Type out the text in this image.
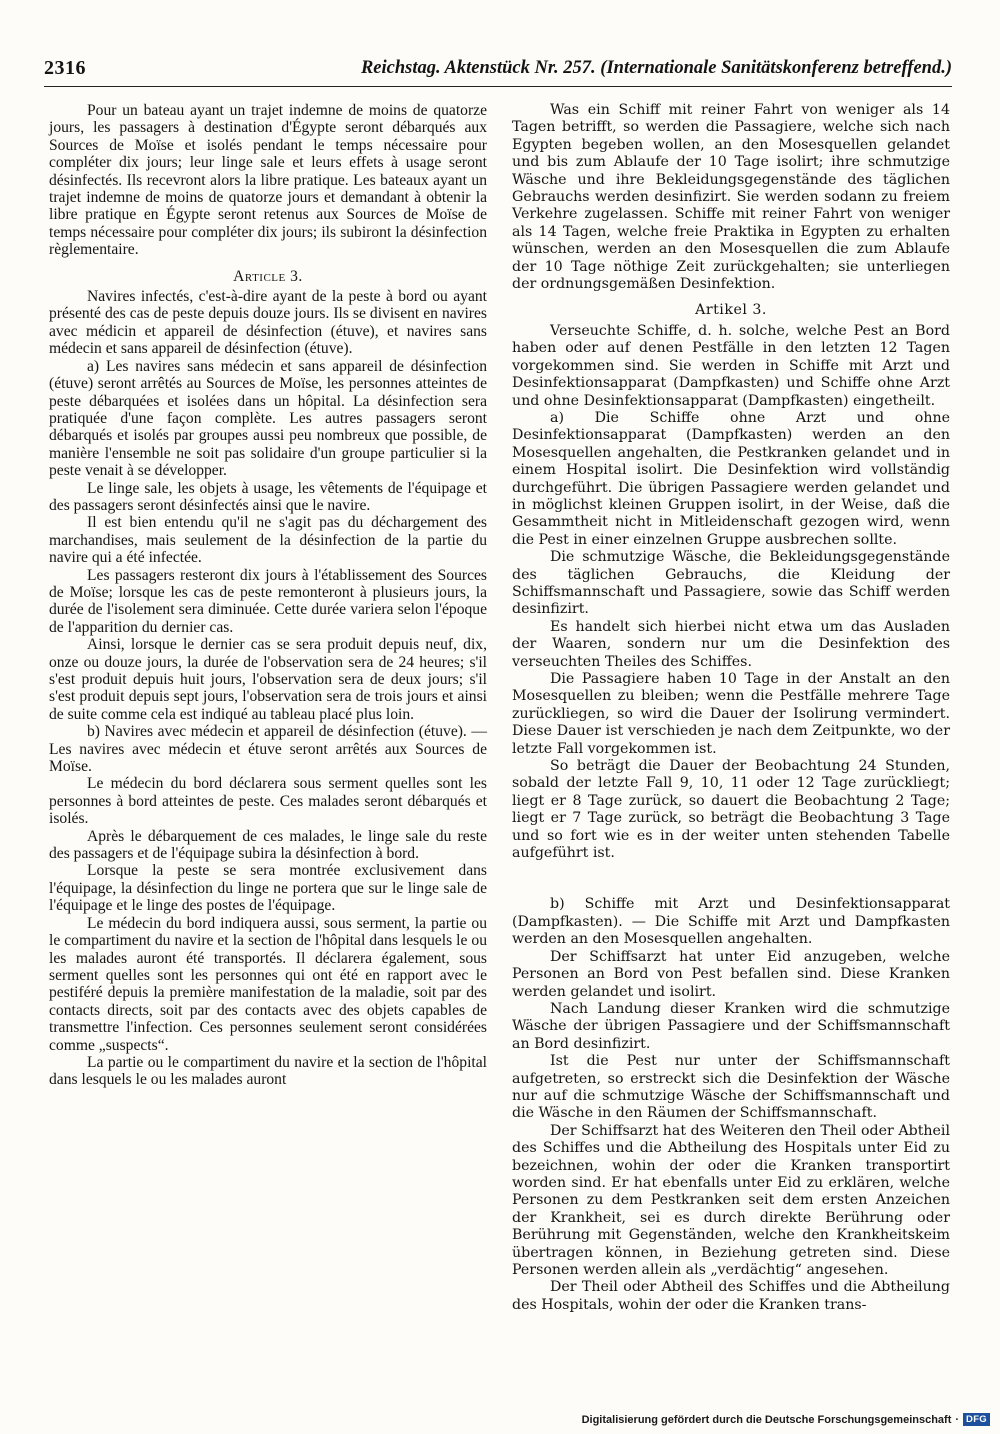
2316	Reichstag. Aktenstück Nr. 257. (Internationale Sanitätskonferenz betreffend.)

Pour un bateau ayant un trajet indemne de moins de quatorze jours, les passagers à destination d'Égypte seront débarqués aux Sources de Moïse et isolés pendant le temps nécessaire pour compléter dix jours; leur linge sale et leurs effets à usage seront désinfectés. Ils recevront alors la libre pratique. Les bateaux ayant un trajet indemne de moins de quatorze jours et demandant à obtenir la libre pratique en Égypte seront retenus aux Sources de Moïse de temps nécessaire pour compléter dix jours; ils subiront la désinfection règlementaire.

Article 3.

Navires infectés, c'est-à-dire ayant de la peste à bord ou ayant présenté des cas de peste depuis douze jours. Ils se divisent en navires avec médicin et appareil de désinfection (étuve), et navires sans médecin et sans appareil de désinfection (étuve).

a) Les navires sans médecin et sans appareil de désinfection (étuve) seront arrêtés au Sources de Moïse, les personnes atteintes de peste débarquées et isolées dans un hôpital. La désinfection sera pratiquée d'une façon complète. Les autres passagers seront débarqués et isolés par groupes aussi peu nombreux que possible, de manière l'ensemble ne soit pas solidaire d'un groupe particulier si la peste venait à se développer.

Le linge sale, les objets à usage, les vêtements de l'équipage et des passagers seront désinfectés ainsi que le navire.

Il est bien entendu qu'il ne s'agit pas du déchargement des marchandises, mais seulement de la désinfection de la partie du navire qui a été infectée.

Les passagers resteront dix jours à l'établissement des Sources de Moïse; lorsque les cas de peste remonteront à plusieurs jours, la durée de l'isolement sera diminuée. Cette durée variera selon l'époque de l'apparition du dernier cas.

Ainsi, lorsque le dernier cas se sera produit depuis neuf, dix, onze ou douze jours, la durée de l'observation sera de 24 heures; s'il s'est produit depuis huit jours, l'observation sera de deux jours; s'il s'est produit depuis sept jours, l'observation sera de trois jours et ainsi de suite comme cela est indiqué au tableau placé plus loin.

b) Navires avec médecin et appareil de désinfection (étuve). — Les navires avec médecin et étuve seront arrêtés aux Sources de Moïse.

Le médecin du bord déclarera sous serment quelles sont les personnes à bord atteintes de peste. Ces malades seront débarqués et isolés.

Après le débarquement de ces malades, le linge sale du reste des passagers et de l'équipage subira la désinfection à bord.

Lorsque la peste se sera montrée exclusivement dans l'équipage, la désinfection du linge ne portera que sur le linge sale de l'équipage et le linge des postes de l'équipage.

Le médecin du bord indiquera aussi, sous serment, la partie ou le compartiment du navire et la section de l'hôpital dans lesquels le ou les malades auront été transportés. Il déclarera également, sous serment quelles sont les personnes qui ont été en rapport avec le pestiféré depuis la première manifestation de la maladie, soit par des contacts directs, soit par des contacts avec des objets capables de transmettre l'infection. Ces personnes seulement seront considérées comme „suspects“.

La partie ou le compartiment du navire et la section de l'hôpital dans lesquels le ou les malades auront

Was ein Schiff mit reiner Fahrt von weniger als 14 Tagen betrifft, so werden die Passagiere, welche sich nach Egypten begeben wollen, an den Mosesquellen gelandet und bis zum Ablaufe der 10 Tage isolirt; ihre schmutzige Wäsche und ihre Bekleidungsgegenstände des täglichen Gebrauchs werden desinfizirt. Sie werden sodann zu freiem Verkehre zugelassen. Schiffe mit reiner Fahrt von weniger als 14 Tagen, welche freie Praktika in Egypten zu erhalten wünschen, werden an den Mosesquellen die zum Ablaufe der 10 Tage nöthige Zeit zurückgehalten; sie unterliegen der ordnungsgemäßen Desinfektion.

Artikel 3.

Verseuchte Schiffe, d. h. solche, welche Pest an Bord haben oder auf denen Pestfälle in den letzten 12 Tagen vorgekommen sind. Sie werden in Schiffe mit Arzt und Desinfektionsapparat (Dampfkasten) und Schiffe ohne Arzt und ohne Desinfektionsapparat (Dampfkasten) eingetheilt.

a) Die Schiffe ohne Arzt und ohne Desinfektionsapparat (Dampfkasten) werden an den Mosesquellen angehalten, die Pestkranken gelandet und in einem Hospital isolirt. Die Desinfektion wird vollständig durchgeführt. Die übrigen Passagiere werden gelandet und in möglichst kleinen Gruppen isolirt, in der Weise, daß die Gesammtheit nicht in Mitleidenschaft gezogen wird, wenn die Pest in einer einzelnen Gruppe ausbrechen sollte.

Die schmutzige Wäsche, die Bekleidungsgegenstände des täglichen Gebrauchs, die Kleidung der Schiffsmannschaft und Passagiere, sowie das Schiff werden desinfizirt.

Es handelt sich hierbei nicht etwa um das Ausladen der Waaren, sondern nur um die Desinfektion des verseuchten Theiles des Schiffes.

Die Passagiere haben 10 Tage in der Anstalt an den Mosesquellen zu bleiben; wenn die Pestfälle mehrere Tage zurückliegen, so wird die Dauer der Isolirung vermindert. Diese Dauer ist verschieden je nach dem Zeitpunkte, wo der letzte Fall vorgekommen ist.

So beträgt die Dauer der Beobachtung 24 Stunden, sobald der letzte Fall 9, 10, 11 oder 12 Tage zurückliegt; liegt er 8 Tage zurück, so dauert die Beobachtung 2 Tage; liegt er 7 Tage zurück, so beträgt die Beobachtung 3 Tage und so fort wie es in der weiter unten stehenden Tabelle aufgeführt ist.

b) Schiffe mit Arzt und Desinfektionsapparat (Dampfkasten). — Die Schiffe mit Arzt und Dampfkasten werden an den Mosesquellen angehalten.

Der Schiffsarzt hat unter Eid anzugeben, welche Personen an Bord von Pest befallen sind. Diese Kranken werden gelandet und isolirt.

Nach Landung dieser Kranken wird die schmutzige Wäsche der übrigen Passagiere und der Schiffsmannschaft an Bord desinfizirt.

Ist die Pest nur unter der Schiffsmannschaft aufgetreten, so erstreckt sich die Desinfektion der Wäsche nur auf die schmutzige Wäsche der Schiffsmannschaft und die Wäsche in den Räumen der Schiffsmannschaft.

Der Schiffsarzt hat des Weiteren den Theil oder Abtheil des Schiffes und die Abtheilung des Hospitals unter Eid zu bezeichnen, wohin der oder die Kranken transportirt worden sind. Er hat ebenfalls unter Eid zu erklären, welche Personen zu dem Pestkranken seit dem ersten Anzeichen der Krankheit, sei es durch direkte Berührung oder Berührung mit Gegenständen, welche den Krankheitskeim übertragen können, in Beziehung getreten sind. Diese Personen werden allein als „verdächtig“ angesehen.

Der Theil oder Abtheil des Schiffes und die Abtheilung des Hospitals, wohin der oder die Kranken trans-

Digitalisierung gefördert durch die Deutsche Forschungsgemeinschaft · DFG
